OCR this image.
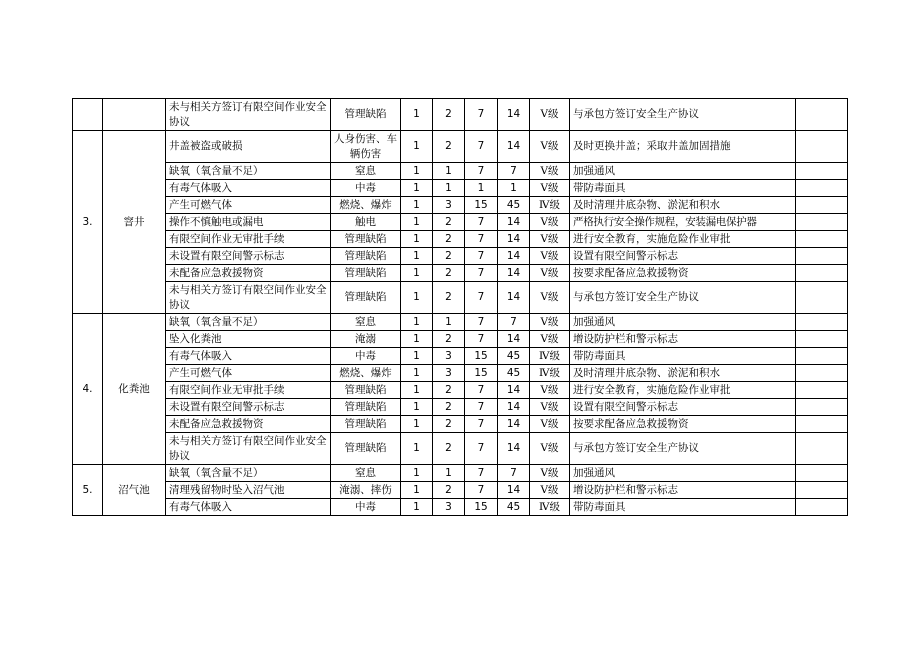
		未与相关方签订有限空间作业安全协议	管理缺陷	1	2	7	14	Ⅴ级	与承包方签订安全生产协议	
3.	窨井	井盖被盗或破损	人身伤害、车辆伤害	1	2	7	14	Ⅴ级	及时更换井盖；采取井盖加固措施	
		缺氧（氧含量不足）	窒息	1	1	7	7	Ⅴ级	加强通风	
		有毒气体吸入	中毒	1	1	1	1	Ⅴ级	带防毒面具	
		产生可燃气体	燃烧、爆炸	1	3	15	45	Ⅳ级	及时清理井底杂物、淤泥和积水	
		操作不慎触电或漏电	触电	1	2	7	14	Ⅴ级	严格执行安全操作规程，安装漏电保护器	
		有限空间作业无审批手续	管理缺陷	1	2	7	14	Ⅴ级	进行安全教育，实施危险作业审批	
		未设置有限空间警示标志	管理缺陷	1	2	7	14	Ⅴ级	设置有限空间警示标志	
		未配备应急救援物资	管理缺陷	1	2	7	14	Ⅴ级	按要求配备应急救援物资	
		未与相关方签订有限空间作业安全协议	管理缺陷	1	2	7	14	Ⅴ级	与承包方签订安全生产协议	
4.	化粪池	缺氧（氧含量不足）	窒息	1	1	7	7	Ⅴ级	加强通风	
		坠入化粪池	淹溺	1	2	7	14	Ⅴ级	增设防护栏和警示标志	
		有毒气体吸入	中毒	1	3	15	45	Ⅳ级	带防毒面具	
		产生可燃气体	燃烧、爆炸	1	3	15	45	Ⅳ级	及时清理井底杂物、淤泥和积水	
		有限空间作业无审批手续	管理缺陷	1	2	7	14	Ⅴ级	进行安全教育，实施危险作业审批	
		未设置有限空间警示标志	管理缺陷	1	2	7	14	Ⅴ级	设置有限空间警示标志	
		未配备应急救援物资	管理缺陷	1	2	7	14	Ⅴ级	按要求配备应急救援物资	
		未与相关方签订有限空间作业安全协议	管理缺陷	1	2	7	14	Ⅴ级	与承包方签订安全生产协议	
5.	沼气池	缺氧（氧含量不足）	窒息	1	1	7	7	Ⅴ级	加强通风	
		清理残留物时坠入沼气池	淹溺、摔伤	1	2	7	14	Ⅴ级	增设防护栏和警示标志	
		有毒气体吸入	中毒	1	3	15	45	Ⅳ级	带防毒面具	
